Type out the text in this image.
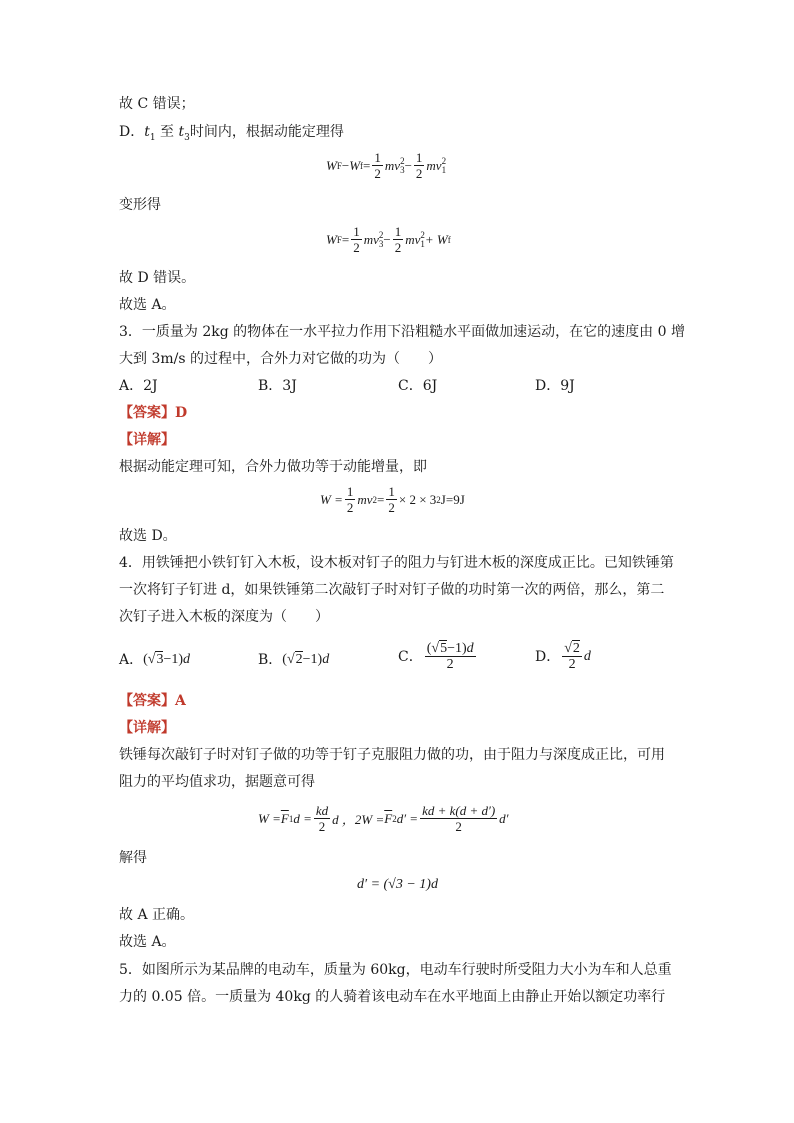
故 C 错误；
D．$t_1$ 至 $t_3$时间内，根据动能定理得
W F − W $f = \frac{1}{2}$ mv 2
$3 - \frac{1}{2}$ mv 2
1
变形得
W $F = \frac{1}{2}$ mv 2
$3 - \frac{1}{2}$ mv 2
1 + W f
故 D 错误。
故选 A。
3．一质量为 2kg 的物体在一水平拉力作用下沿粗糙水平面做加速运动，在它的速度由 0 增
大到 3m/s 的过程中，合外力对它做的功为（　　）
A．2J	B．3J	C．6J	D．9J
【答案】D
【详解】
根据动能定理可知，合外力做功等于动能增量，即
$W = \frac{1}{2}$ mv $2 = \frac{1}{2} \times 2 \times 3$ 2 J=9J
故选 D。
4．用铁锤把小铁钉钉入木板，设木板对钉子的阻力与钉进木板的深度成正比。已知铁锤第
一次将钉子钉进 d，如果铁锤第二次敲钉子时对钉子做的功时第一次的两倍，那么，第二
次钉子进入木板的深度为（　　）
A． (√3−1)d	B． (√2−1)d	C． $\frac{(√5-1)d}{2}$	D． $\frac{√2}{2}$ d
【答案】A
【详解】
铁锤每次敲钉子时对钉子做的功等于钉子克服阻力做的功，由于阻力与深度成正比，可用
阻力的平均值求功，据题意可得
$W = \overline{F}$ 1 $d = \frac{kd}{2}$ d ，$2W = \overline{F}$ 2 $d' = \frac{kd + k(d + d')}{2} d'$
解得
d′ = (√3 − 1)d
故 A 正确。
故选 A。
5．如图所示为某品牌的电动车，质量为 60kg，电动车行驶时所受阻力大小为车和人总重
力的 0.05 倍。一质量为 40kg 的人骑着该电动车在水平地面上由静止开始以额定功率行
